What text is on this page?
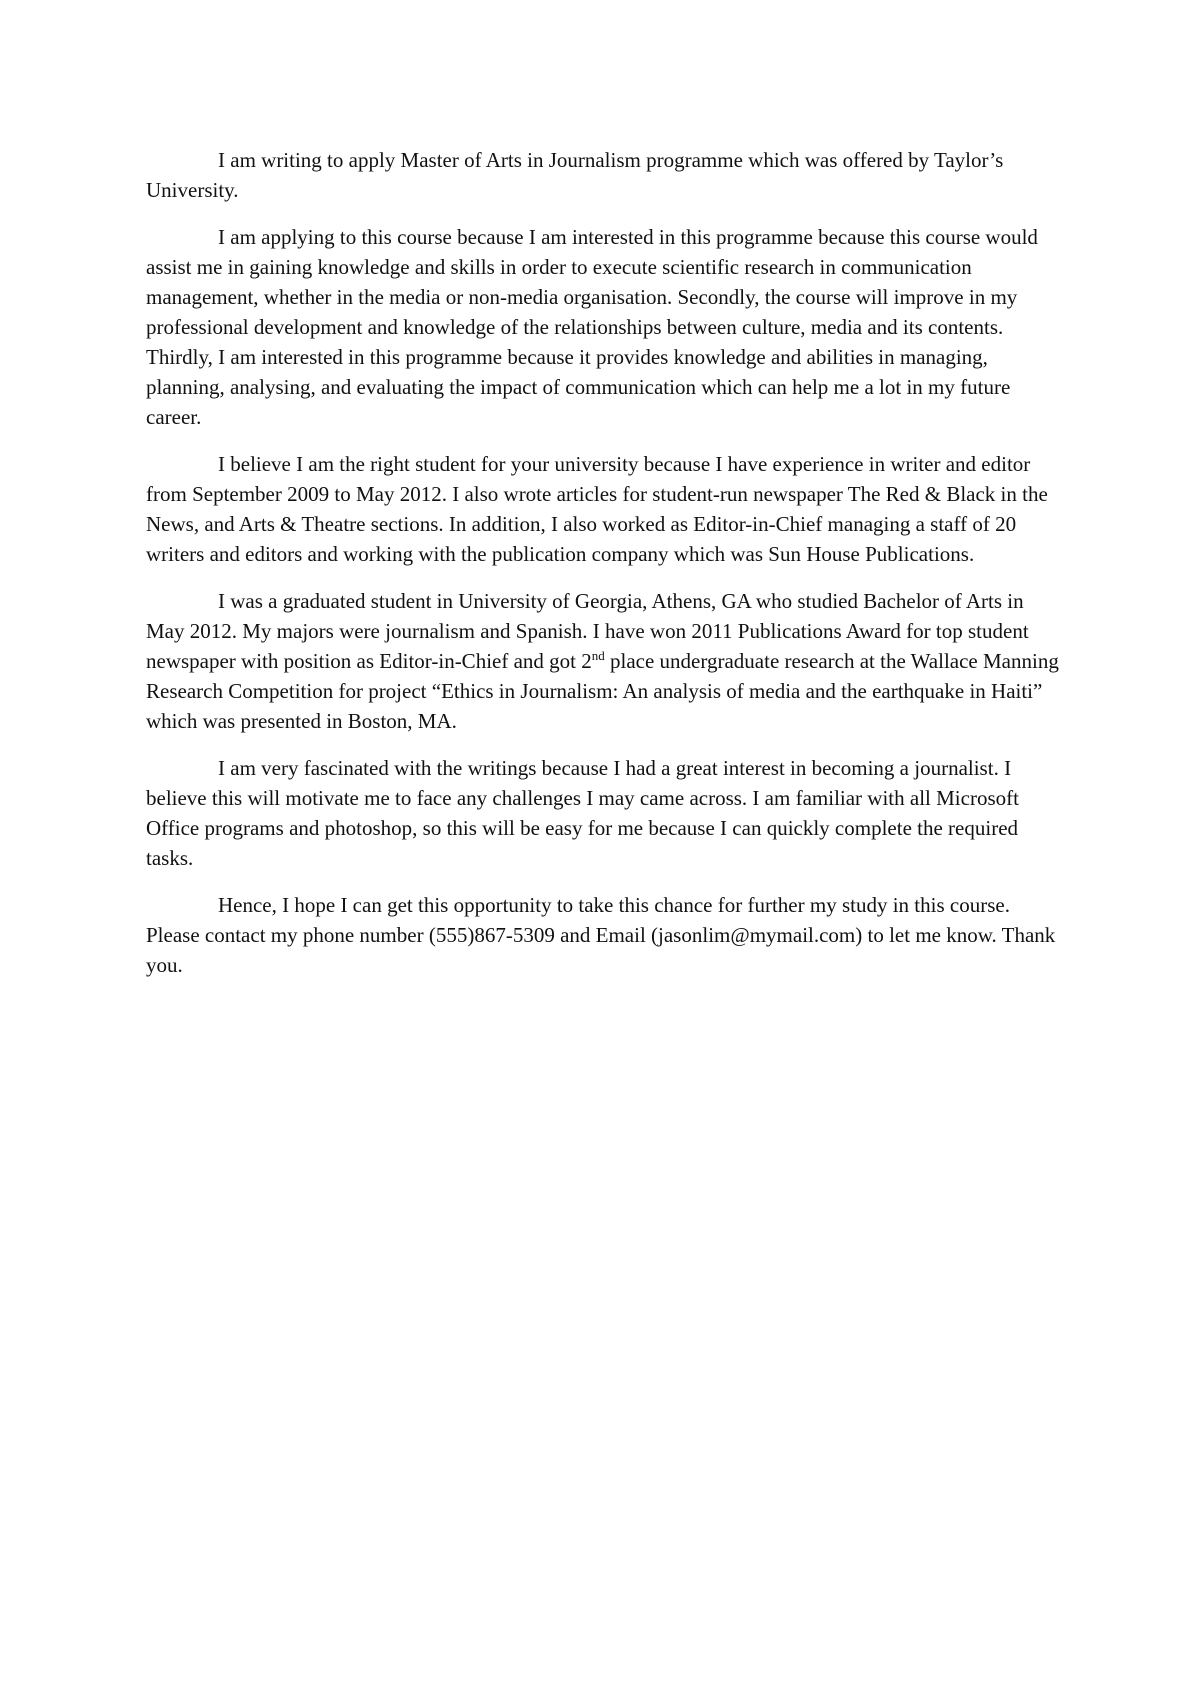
I am writing to apply Master of Arts in Journalism programme which was offered by Taylor’s University.

I am applying to this course because I am interested in this programme because this course would assist me in gaining knowledge and skills in order to execute scientific research in communication management, whether in the media or non-media organisation. Secondly, the course will improve in my professional development and knowledge of the relationships between culture, media and its contents. Thirdly, I am interested in this programme because it provides knowledge and abilities in managing, planning, analysing, and evaluating the impact of communication which can help me a lot in my future career.

I believe I am the right student for your university because I have experience in writer and editor from September 2009 to May 2012. I also wrote articles for student-run newspaper The Red & Black in the News, and Arts & Theatre sections. In addition, I also worked as Editor-in-Chief managing a staff of 20 writers and editors and working with the publication company which was Sun House Publications.

I was a graduated student in University of Georgia, Athens, GA who studied Bachelor of Arts in May 2012. My majors were journalism and Spanish. I have won 2011 Publications Award for top student newspaper with position as Editor-in-Chief and got 2nd place undergraduate research at the Wallace Manning Research Competition for project “Ethics in Journalism: An analysis of media and the earthquake in Haiti” which was presented in Boston, MA.

I am very fascinated with the writings because I had a great interest in becoming a journalist. I believe this will motivate me to face any challenges I may came across. I am familiar with all Microsoft Office programs and photoshop, so this will be easy for me because I can quickly complete the required tasks.

Hence, I hope I can get this opportunity to take this chance for further my study in this course. Please contact my phone number (555)867-5309 and Email (jasonlim@mymail.com) to let me know. Thank you.
